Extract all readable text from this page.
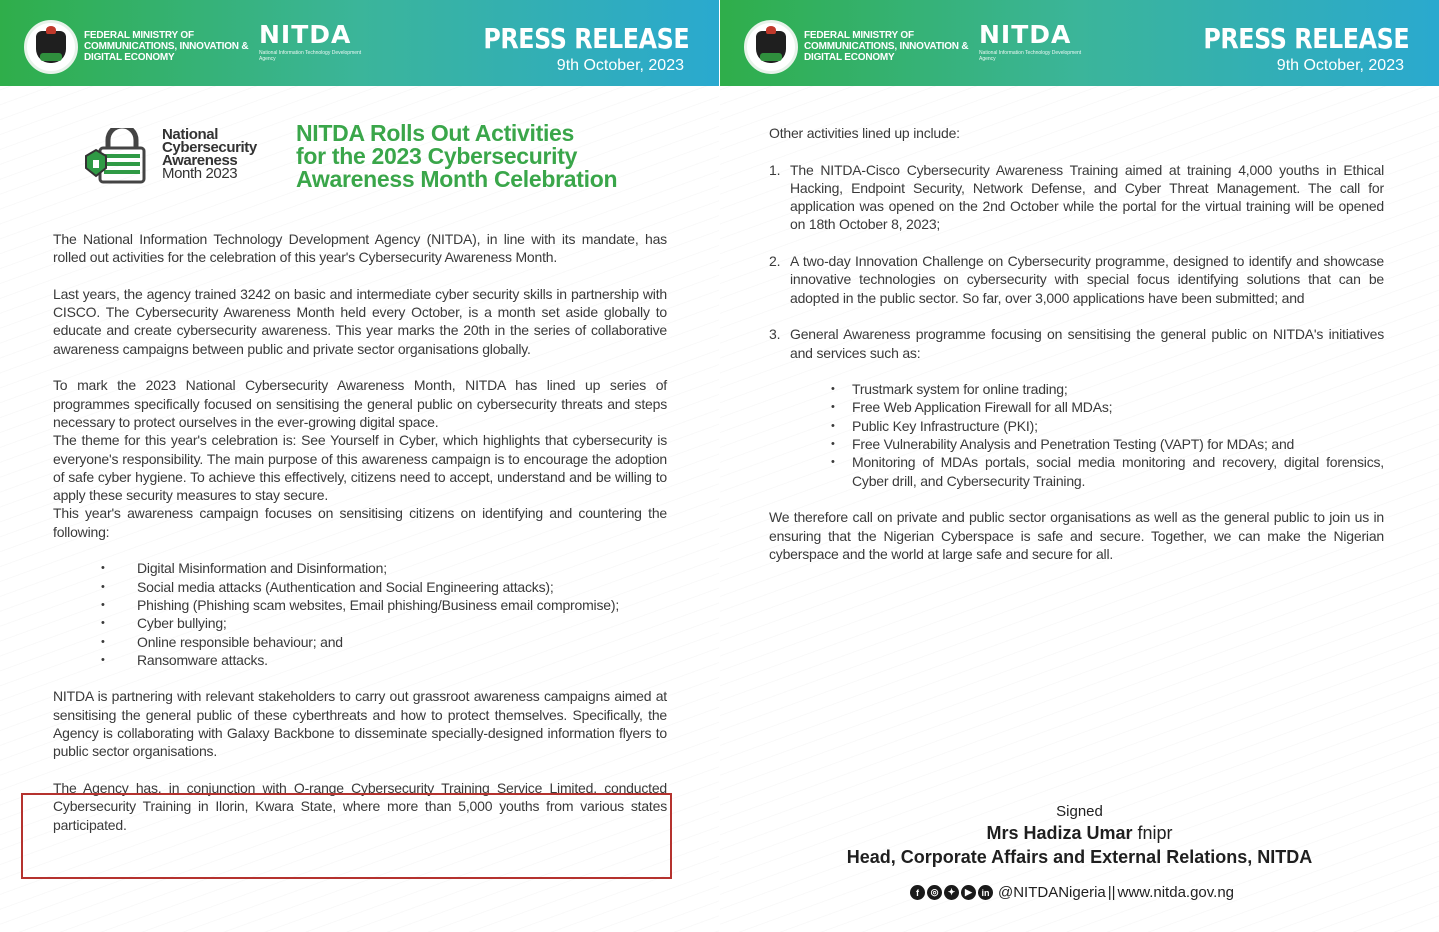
FEDERAL MINISTRY OF COMMUNICATIONS, INNOVATION & DIGITAL ECONOMY
NITDA
National Information Technology Development Agency
PRESS RELEASE
9th October, 2023
National
Cybersecurity
Awareness
Month 2023
NITDA Rolls Out Activities
for the 2023 Cybersecurity
Awareness Month Celebration
The National Information Technology Development Agency (NITDA), in line with its mandate, has rolled out activities for the celebration of this year's Cybersecurity Awareness Month.
Last years, the agency trained 3242 on basic and intermediate cyber security skills in partnership with CISCO. The Cybersecurity Awareness Month held every October, is a month set aside globally to educate and create cybersecurity awareness. This year marks the 20th in the series of collaborative awareness campaigns between public and private sector organisations globally.
To mark the 2023 National Cybersecurity Awareness Month, NITDA has lined up series of programmes specifically focused on sensitising the general public on cybersecurity threats and steps necessary to protect ourselves in the ever-growing digital space.
The theme for this year's celebration is: See Yourself in Cyber, which highlights that cybersecurity is everyone's responsibility. The main purpose of this awareness campaign is to encourage the adoption of safe cyber hygiene. To achieve this effectively, citizens need to accept, understand and be willing to apply these security measures to stay secure.
This year's awareness campaign focuses on sensitising citizens on identifying and countering the following:
• Digital Misinformation and Disinformation;
• Social media attacks (Authentication and Social Engineering attacks);
• Phishing (Phishing scam websites, Email phishing/Business email compromise);
• Cyber bullying;
• Online responsible behaviour; and
• Ransomware attacks.
NITDA is partnering with relevant stakeholders to carry out grassroot awareness campaigns aimed at sensitising the general public of these cyberthreats and how to protect themselves. Specifically, the Agency is collaborating with Galaxy Backbone to disseminate specially-designed information flyers to public sector organisations.
The Agency has, in conjunction with O-range Cybersecurity Training Service Limited, conducted Cybersecurity Training in Ilorin, Kwara State, where more than 5,000 youths from various states participated.
FEDERAL MINISTRY OF COMMUNICATIONS, INNOVATION & DIGITAL ECONOMY
NITDA
National Information Technology Development Agency
PRESS RELEASE
9th October, 2023
Other activities lined up include:
1. The NITDA-Cisco Cybersecurity Awareness Training aimed at training 4,000 youths in Ethical Hacking, Endpoint Security, Network Defense, and Cyber Threat Management. The call for application was opened on the 2nd October while the portal for the virtual training will be opened on 18th October 8, 2023;
2. A two-day Innovation Challenge on Cybersecurity programme, designed to identify and showcase innovative technologies on cybersecurity with special focus identifying solutions that can be adopted in the public sector. So far, over 3,000 applications have been submitted; and
3. General Awareness programme focusing on sensitising the general public on NITDA's initiatives and services such as:
• Trustmark system for online trading;
• Free Web Application Firewall for all MDAs;
• Public Key Infrastructure (PKI);
• Free Vulnerability Analysis and Penetration Testing (VAPT) for MDAs; and
• Monitoring of MDAs portals, social media monitoring and recovery, digital forensics, Cyber drill, and Cybersecurity Training.
We therefore call on private and public sector organisations as well as the general public to join us in ensuring that the Nigerian Cyberspace is safe and secure. Together, we can make the Nigerian cyberspace and the world at large safe and secure for all.
Signed
Mrs Hadiza Umar fnipr
Head, Corporate Affairs and External Relations, NITDA
f	◎	✦	▶	in @NITDANigeria || www.nitda.gov.ng
